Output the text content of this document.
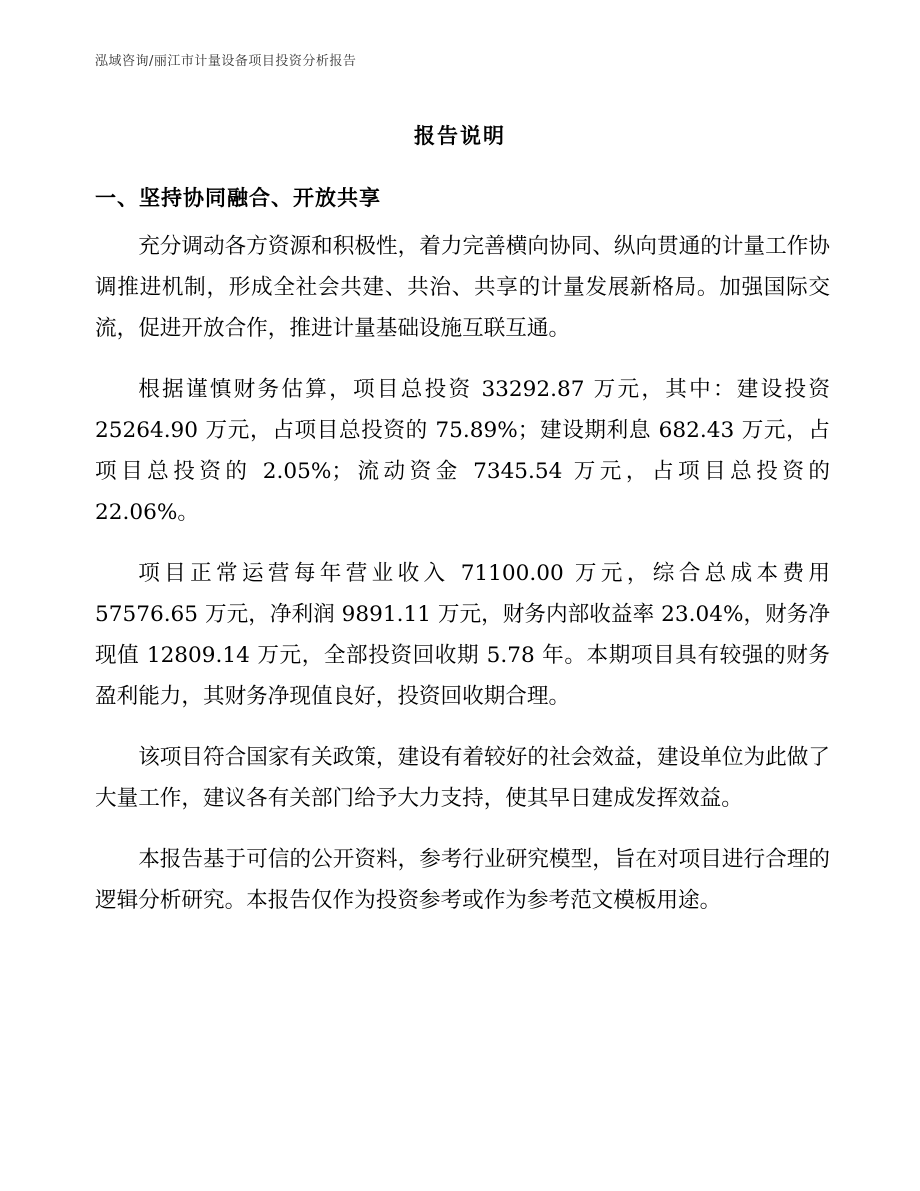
泓域咨询/丽江市计量设备项目投资分析报告
报告说明
一、坚持协同融合、开放共享

充分调动各方资源和积极性，着力完善横向协同、纵向贯通的计量工作协调推进机制，形成全社会共建、共治、共享的计量发展新格局。加强国际交流，促进开放合作，推进计量基础设施互联互通。

根据谨慎财务估算，项目总投资 33292.87 万元，其中：建设投资 25264.90 万元，占项目总投资的 75.89%；建设期利息 682.43 万元，占项目总投资的 2.05%；流动资金 7345.54 万元，占项目总投资的 22.06%。

项目正常运营每年营业收入 71100.00 万元，综合总成本费用 57576.65 万元，净利润 9891.11 万元，财务内部收益率 23.04%，财务净现值 12809.14 万元，全部投资回收期 5.78 年。本期项目具有较强的财务盈利能力，其财务净现值良好，投资回收期合理。

该项目符合国家有关政策，建设有着较好的社会效益，建设单位为此做了大量工作，建议各有关部门给予大力支持，使其早日建成发挥效益。

本报告基于可信的公开资料，参考行业研究模型，旨在对项目进行合理的逻辑分析研究。本报告仅作为投资参考或作为参考范文模板用途。
